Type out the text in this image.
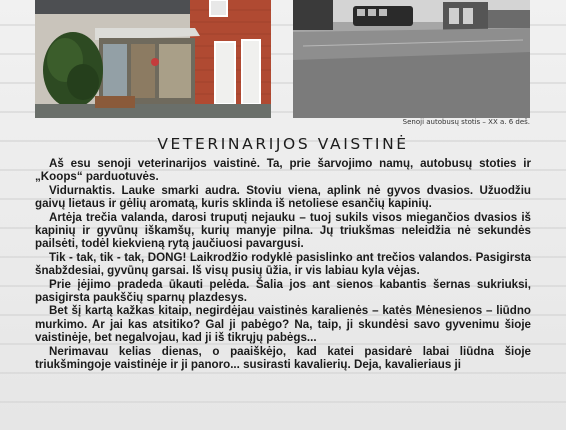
Senoji autobusų stotis – XX a. 6 deš.
VETERINARIJOS VAISTINĖ

Aš esu senoji veterinarijos vaistinė. Ta, prie šarvojimo namų, autobusų stoties ir „Koops“ parduotuvės.

Vidurnaktis. Lauke smarki audra. Stoviu viena, aplink nė gyvos dvasios. Užuodžiu gaivų lietaus ir gėlių aromatą, kuris sklinda iš netoliese esančių kapinių.

Artėja trečia valanda, darosi truputį nejauku – tuoj sukils visos miegančios dvasios iš kapinių ir gyvūnų iškamšų, kurių manyje pilna. Jų triukšmas neleidžia nė sekundės pailsėti, todėl kiekvieną rytą jaučiuosi pavargusi.

Tik - tak, tik - tak, DONG! Laikrodžio rodyklė pasislinko ant trečios valandos. Pasigirsta šnabždesiai, gyvūnų garsai. Iš visų pusių ūžia, ir vis labiau kyla vėjas.

Prie įėjimo pradeda ūkauti pelėda. Šalia jos ant sienos kabantis šernas sukriuksi, pasigirsta paukščių sparnų plazdesys.

Bet šį kartą kažkas kitaip, negirdėjau vaistinės karalienės – katės Mėnesienos – liūdno murkimo. Ar jai kas atsitiko? Gal ji pabėgo? Na, taip, ji skundėsi savo gyvenimu šioje vaistinėje, bet negalvojau, kad ji iš tikrųjų pabėgs...

Nerimavau kelias dienas, o paaiškėjo, kad katei pasidarė labai liūdna šioje triukšmingoje vaistinėje ir ji panoro... susirasti kavalierių. Deja, kavalieriaus ji
